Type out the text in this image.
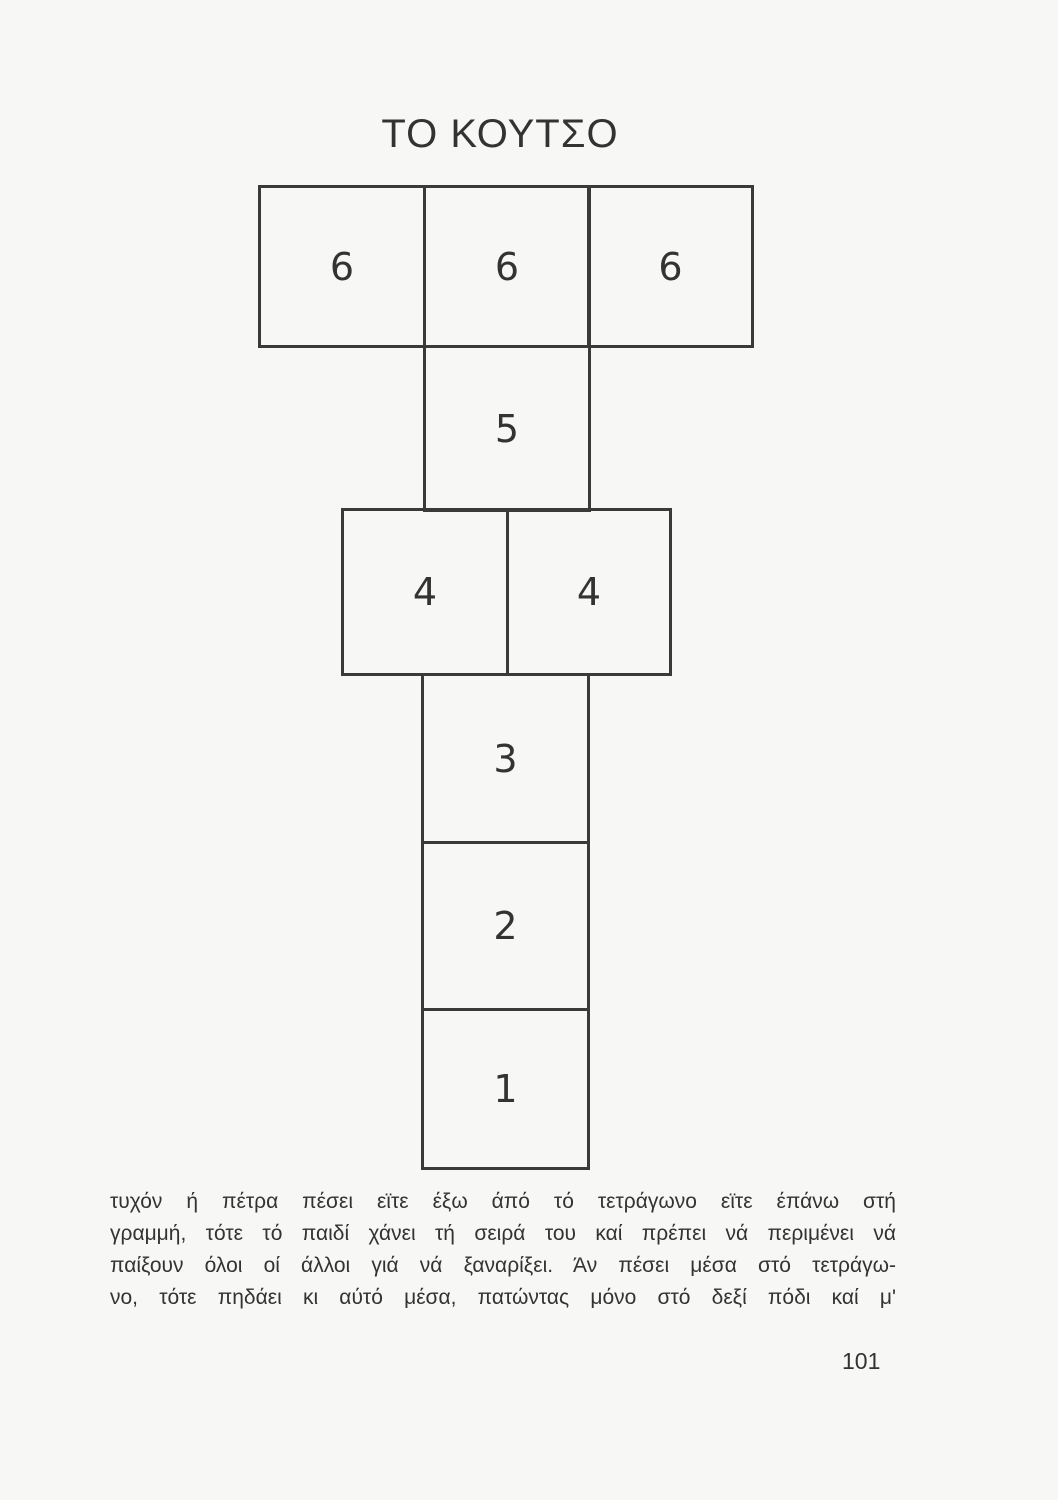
ΤΟ ΚΟΥΤΣΟ
6	6	6
5
4	4
3
2
1
τυχόν ή πέτρα πέσει εϊτε έξω άπό τό τετράγωνο εϊτε έπάνω στή
γραμμή, τότε τό παιδί χάνει τή σειρά του καί πρέπει νά περιμένει νά
παίξουν όλοι οί άλλοι γιά νά ξαναρίξει. Άν πέσει μέσα στό τετράγω-
νο, τότε πηδάει κι αύτό μέσα, πατώντας μόνο στό δεξί πόδι καί μ'
101
